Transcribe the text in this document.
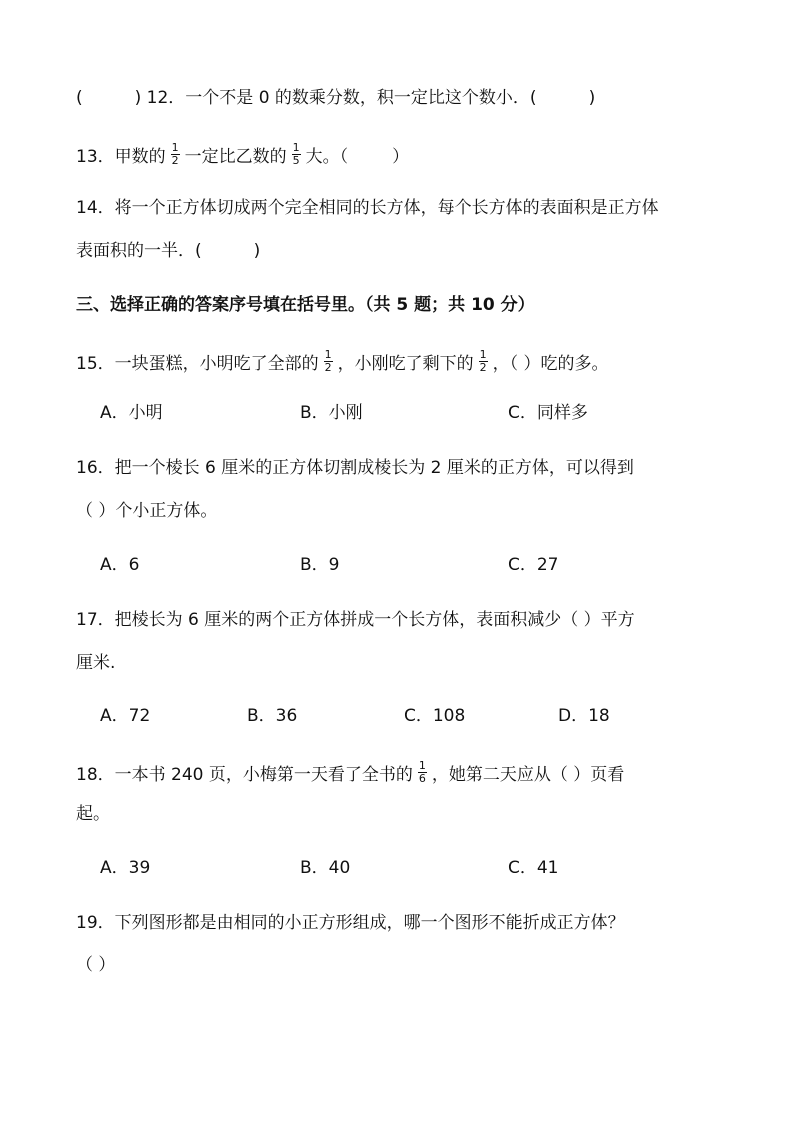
(	) 12．一个不是 0 的数乘分数，积一定比这个数小．(	)
13．甲数的 $\frac{1}{2}$ 一定比乙数的 $\frac{1}{5}$ 大。（	）
14．将一个正方体切成两个完全相同的长方体，每个长方体的表面积是正方体
表面积的一半．(	)
三、选择正确的答案序号填在括号里。（共 5 题；共 10 分）
15．一块蛋糕，小明吃了全部的 $\frac{1}{2}$ ，小刚吃了剩下的 $\frac{1}{2}$ ，（ ）吃的多。
A．小明	B．小刚	C．同样多
16．把一个棱长 6 厘米的正方体切割成棱长为 2 厘米的正方体，可以得到
（ ）个小正方体。
A．6	B．9	C．27
17．把棱长为 6 厘米的两个正方体拼成一个长方体，表面积减少（ ）平方
厘米.
A．72	B．36	C．108	D．18
18．一本书 240 页，小梅第一天看了全书的 $\frac{1}{6}$ ，她第二天应从（ ）页看
起。
A．39	B．40	C．41
19．下列图形都是由相同的小正方形组成，哪一个图形不能折成正方体？
（ ）
